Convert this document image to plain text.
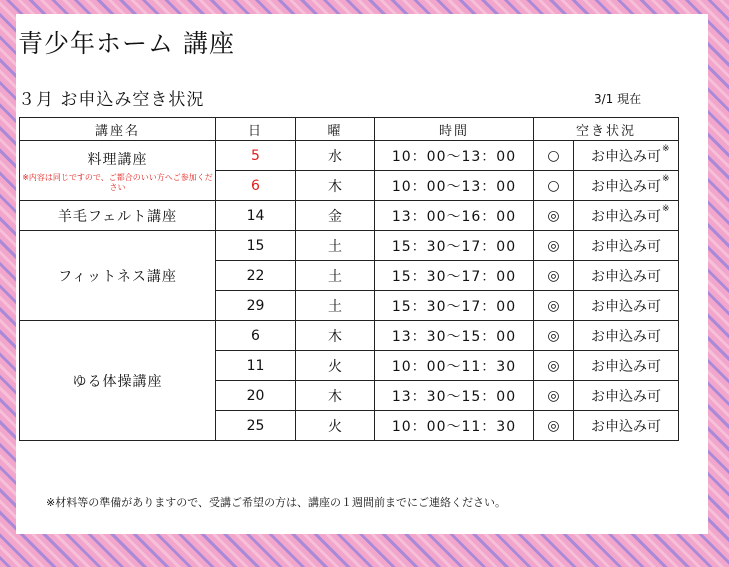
青少年ホーム 講座
３月 お申込み空き状況	3/1 現在
講座名	日	曜	時間	空き状況	

料理講座
※内容は同じですので、ご都合のいい方へご参加ください	5	水	10：00～13：00	○	お申込み可 ※

	6	木	10：00～13：00	○	お申込み可 ※

羊毛フェルト講座	14	金	13：00～16：00	◎	お申込み可 ※

フィットネス講座	15	土	15：30～17：00	◎	お申込み可
	22	土	15：30～17：00	◎	お申込み可
	29	土	15：30～17：00	◎	お申込み可

ゆる体操講座	6	木	13：30～15：00	◎	お申込み可
	11	火	10：00～11：30	◎	お申込み可
	20	木	13：30～15：00	◎	お申込み可
	25	火	10：00～11：30	◎	お申込み可
※材料等の準備がありますので、受講ご希望の方は、講座の１週間前までにご連絡ください。
